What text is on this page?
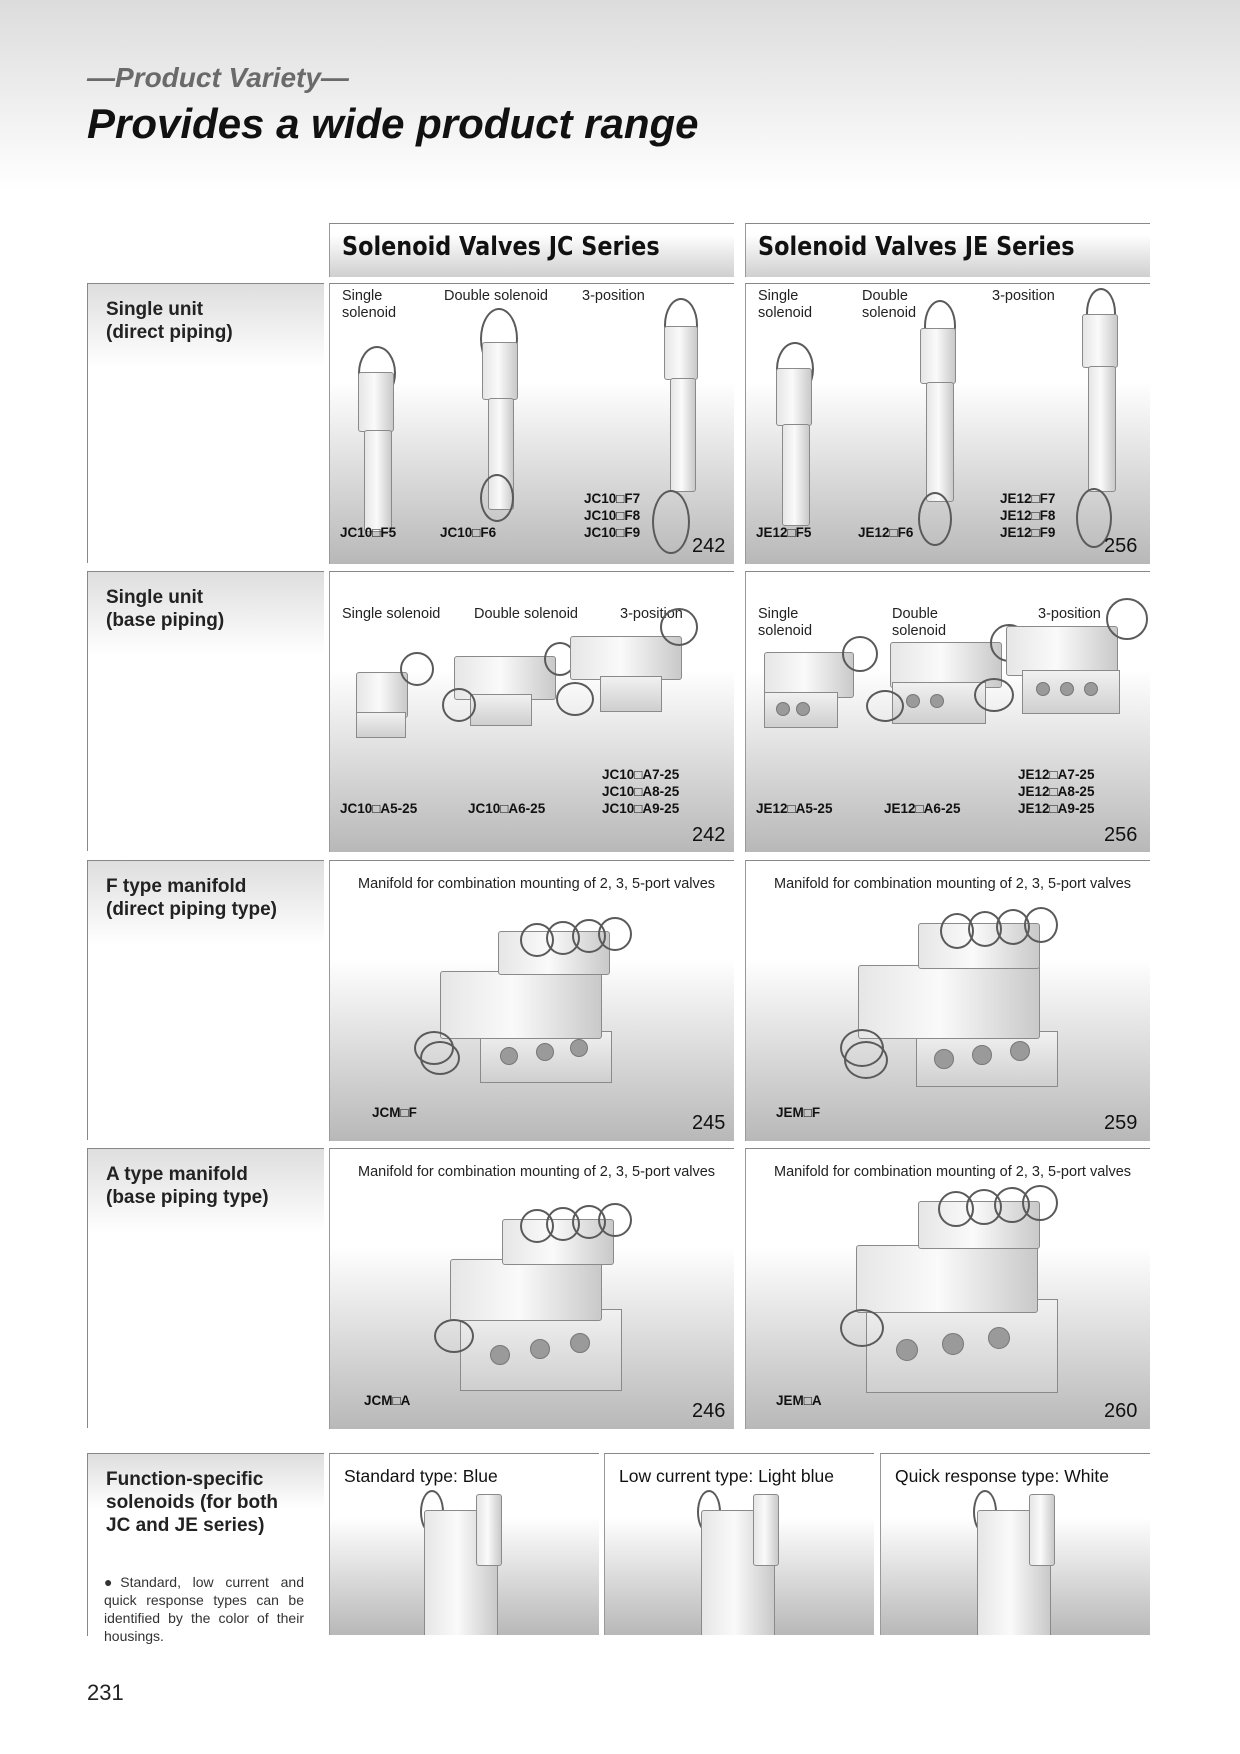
—Product Variety—
Provides a wide product range
Solenoid Valves JC Series	Solenoid Valves JE Series
Single unit
(direct piping)
Single unit
(base piping)
F type manifold
(direct piping type)
A type manifold
(base piping type)
Function-specific
solenoids (for both
JC and JE series)
●Standard, low current and quick response types can be identified by the color of their housings.
Single
solenoid
Double solenoid 3-position
JC10□F5	JC10□F6
JC10□F7
JC10□F8
JC10□F9
242
Single
solenoid
Double
solenoid
3-position
JE12□F5	JE12□F6
JE12□F7
JE12□F8
JE12□F9
256
Single solenoid Double solenoid	3-position
JC10□A5-25	JC10□A6-25
JC10□A7-25
JC10□A8-25
JC10□A9-25
242
Single
solenoid
Double
solenoid
3-position
JE12□A5-25	JE12□A6-25
JE12□A7-25
JE12□A8-25
JE12□A9-25
256
Manifold for combination mounting of 2, 3, 5-port valves
JCM□F	245
Manifold for combination mounting of 2, 3, 5-port valves
JEM□F	259
Manifold for combination mounting of 2, 3, 5-port valves
JCM□A	246
Manifold for combination mounting of 2, 3, 5-port valves
JEM□A	260
Standard type: Blue	Low current type: Light blue	Quick response type: White
231
